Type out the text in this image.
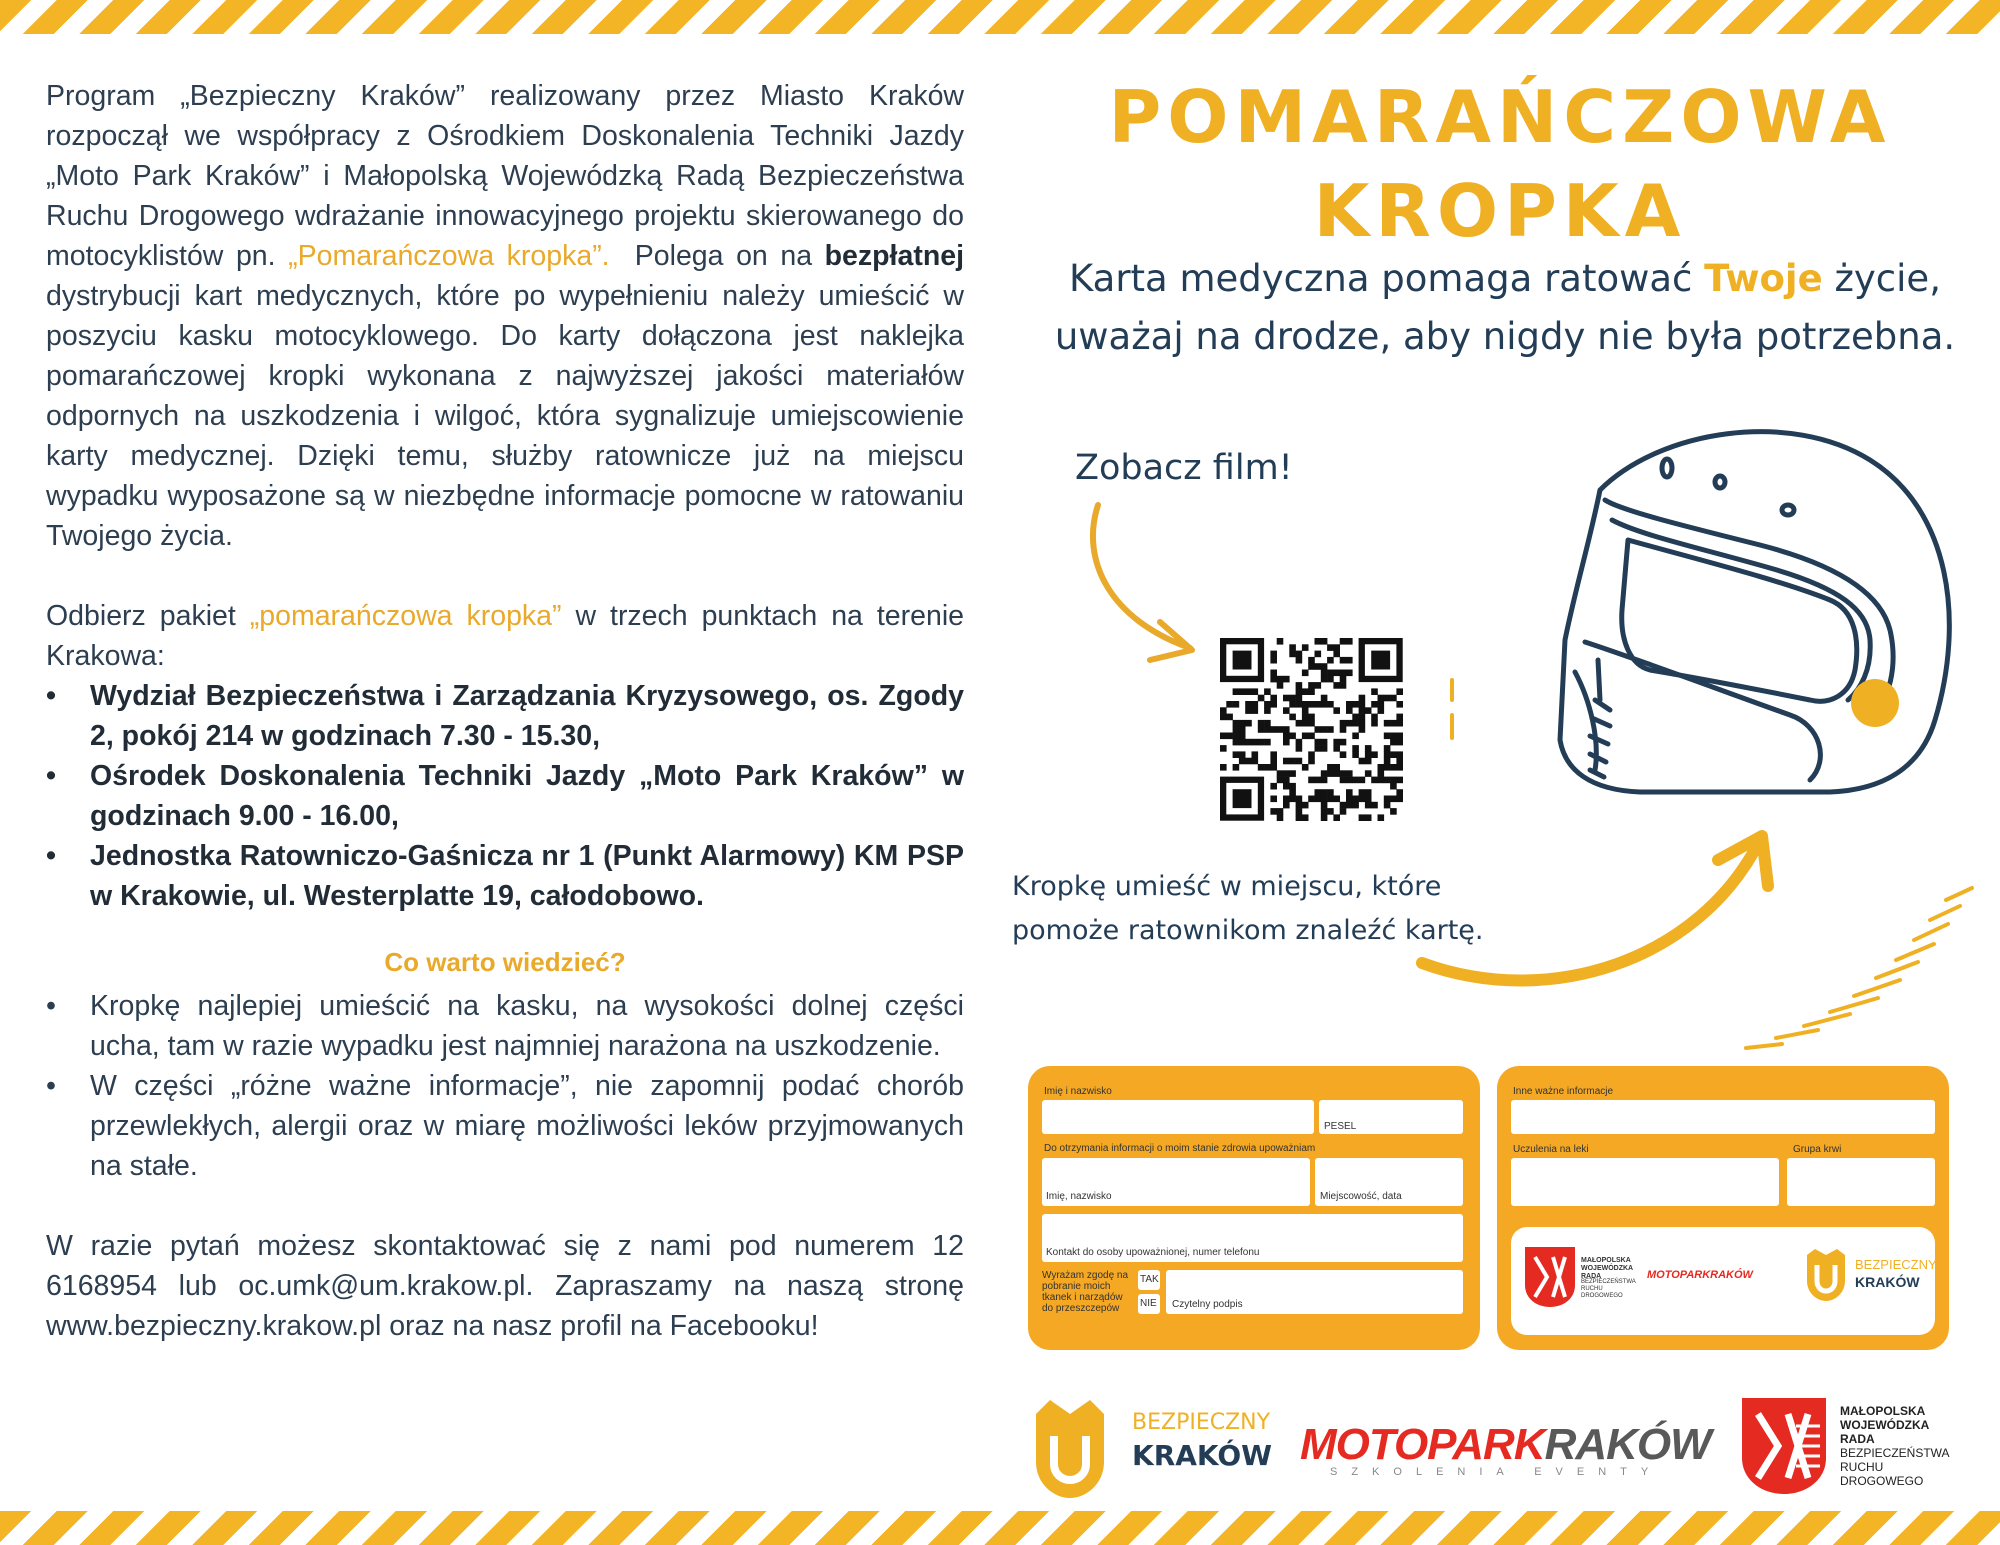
Program „Bezpieczny Kraków” realizowany przez Miasto Kraków rozpoczął we współpracy z Ośrodkiem Doskonalenia Techniki Jazdy „Moto Park Kraków” i Małopolską Wojewódzką Radą Bezpieczeństwa Ruchu Drogowego wdrażanie innowacyjnego projektu skierowanego do motocyklistów pn. „Pomarańczowa kropka”. Polega on na bezpłatnej dystrybucji kart medycznych, które po wypełnieniu należy umieścić w poszyciu kasku motocyklowego. Do karty dołączona jest naklejka pomarańczowej kropki wykonana z najwyższej jakości materiałów odpornych na uszkodzenia i wilgoć, która sygnalizuje umiejscowienie karty medycznej. Dzięki temu, służby ratownicze już na miejscu wypadku wyposażone są w niezbędne informacje pomocne w ratowaniu Twojego życia.

Odbierz pakiet „pomarańczowa kropka” w trzech punktach na terenie Krakowa:

• Wydział Bezpieczeństwa i Zarządzania Kryzysowego, os. Zgody 2, pokój 214 w godzinach 7.30 - 15.30,
• Ośrodek Doskonalenia Techniki Jazdy „Moto Park Kraków” w godzinach 9.00 - 16.00,
• Jednostka Ratowniczo-Gaśnicza nr 1 (Punkt Alarmowy) KM PSP w Krakowie, ul. Westerplatte 19, całodobowo.
Co warto wiedzieć?
• Kropkę najlepiej umieścić na kasku, na wysokości dolnej części ucha, tam w razie wypadku jest najmniej narażona na uszkodzenie.
• W części „różne ważne informacje”, nie zapomnij podać chorób przewlekłych, alergii oraz w miarę możliwości leków przyjmowanych na stałe.

W razie pytań możesz skontaktować się z nami pod numerem 12 6168954 lub oc.umk@um.krakow.pl. Zapraszamy na naszą stronę www.bezpieczny.krakow.pl oraz na nasz profil na Facebooku!

POMARAŃCZOWA
KROPKA
Karta medyczna pomaga ratować Twoje życie,
uważaj na drodze, aby nigdy nie była potrzebna.
Zobacz film!
Kropkę umieść w miejscu, które
pomoże ratownikom znaleźć kartę.
Imię i nazwisko
PESEL
Do otrzymania informacji o moim stanie zdrowia upoważniam
Imię, nazwisko	Miejscowość, data
Kontakt do osoby upoważnionej, numer telefonu
Wyrażam zgodę na pobranie moich tkanek i narządów do przeszczepów
TAK
NIE Czytelny podpis
Inne ważne informacje
Uczulenia na leki	Grupa krwi
MAŁOPOLSKA WOJEWÓDZKA RADA
BEZPIECZEŃSTWA RUCHU DROGOWEGO
MOTOPARKRAKÓW
BEZPIECZNY
KRAKÓW
BEZPIECZNY
KRAKÓW MOTOPARKRAKÓW
SZKOLENIA EVENTY
MAŁOPOLSKA
WOJEWÓDZKA
RADA
BEZPIECZEŃSTWA
RUCHU
DROGOWEGO
